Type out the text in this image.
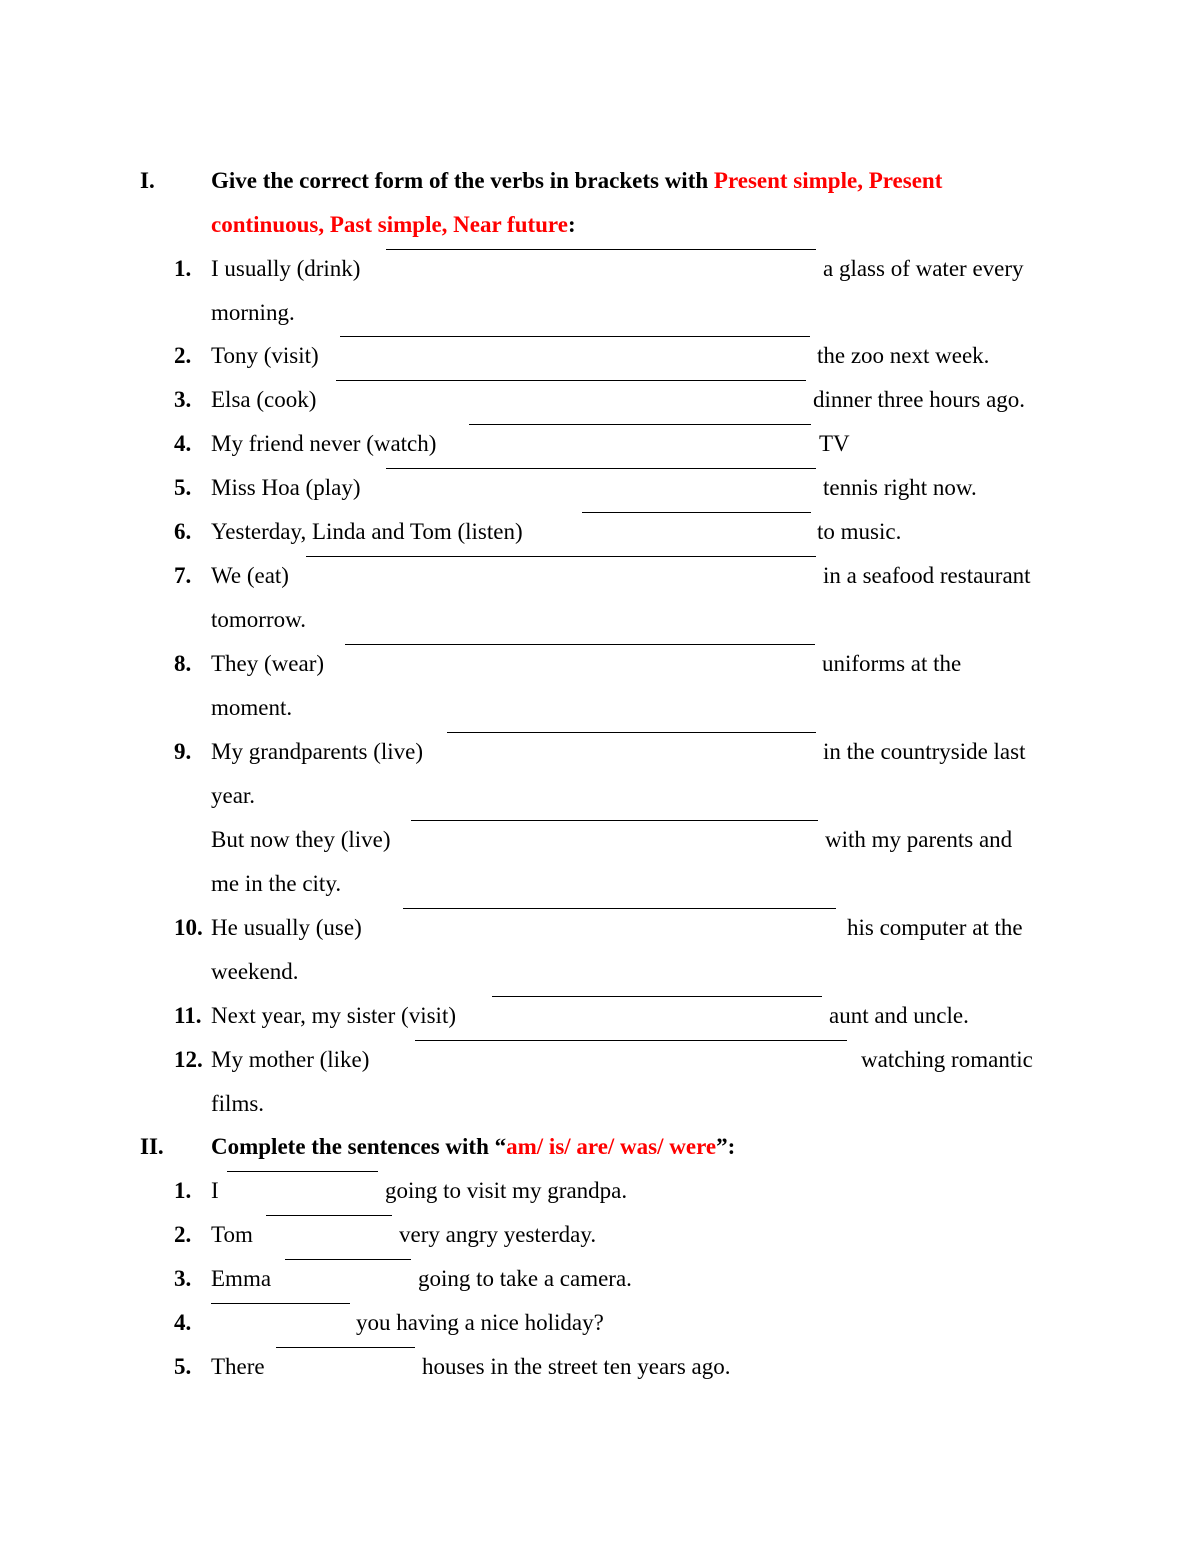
I. Give the correct form of the verbs in brackets with Present simple, Present
continuous, Past simple, Near future:
1. I usually (drink)	a glass of water every
morning.
2. Tony (visit)	the zoo next week.
3. Elsa (cook)	dinner three hours ago.
4. My friend never (watch)	TV
5. Miss Hoa (play)	tennis right now.
6. Yesterday, Linda and Tom (listen)	to music.
7. We (eat)	in a seafood restaurant
tomorrow.
8. They (wear)	uniforms at the
moment.
9. My grandparents (live)	in the countryside last
year.
But now they (live)	with my parents and
me in the city.
10. He usually (use)	his computer at the
weekend.
11. Next year, my sister (visit)	aunt and uncle.
12. My mother (like)	watching romantic
films.
II. Complete the sentences with “am/ is/ are/ was/ were”:
1. I	going to visit my grandpa.
2. Tom	very angry yesterday.
3. Emma	going to take a camera.
4.	you having a nice holiday?
5. There	houses in the street ten years ago.
